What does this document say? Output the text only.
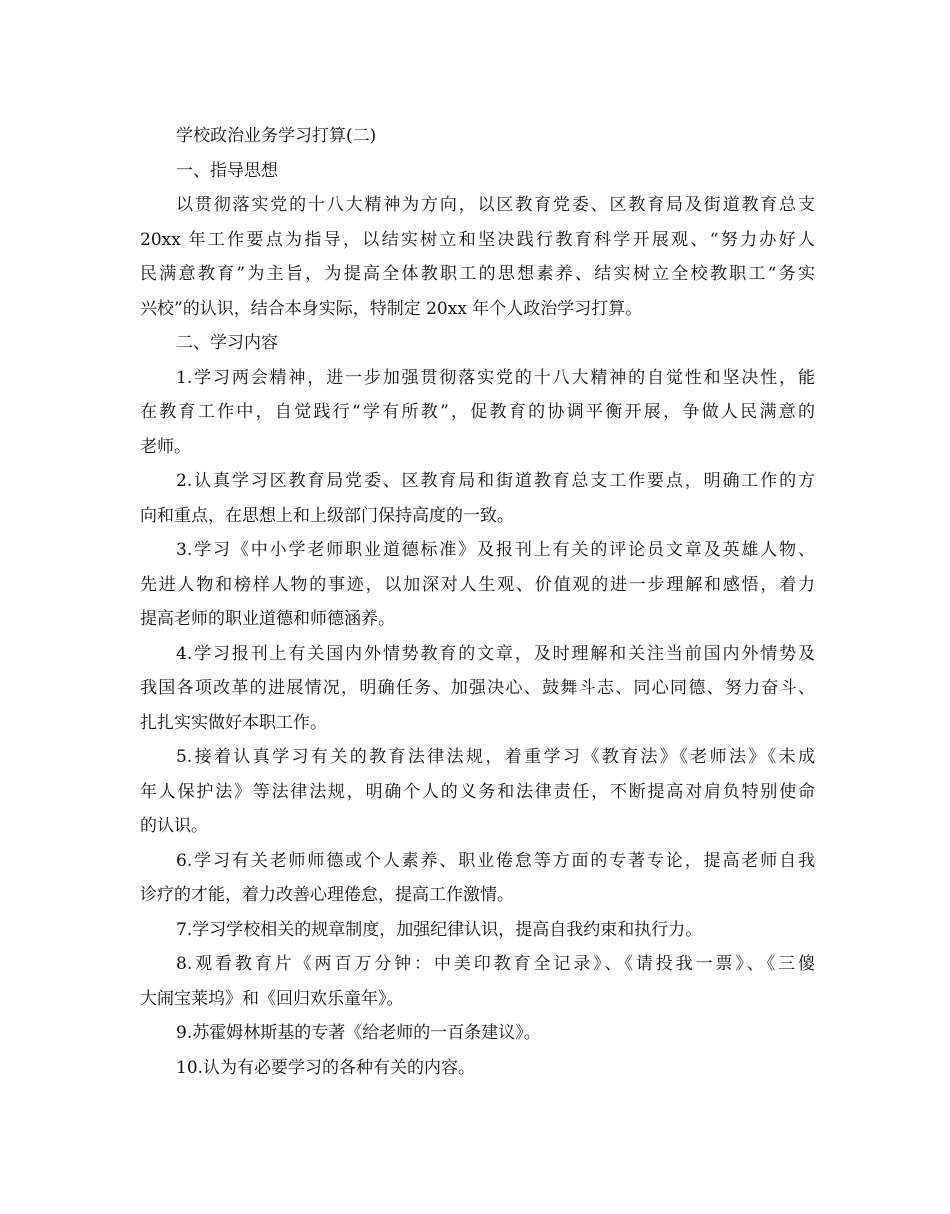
学校政治业务学习打算(二)
一、指导思想
以贯彻落实党的十八大精神为方向，以区教育党委、区教育局及街道教育总支
20xx 年工作要点为指导，以结实树立和坚决践行教育科学开展观、“努力办好人
民满意教育”为主旨，为提高全体教职工的思想素养、结实树立全校教职工“务实
兴校”的认识，结合本身实际，特制定 20xx 年个人政治学习打算。
二、学习内容
1.学习两会精神，进一步加强贯彻落实党的十八大精神的自觉性和坚决性，能
在教育工作中，自觉践行“学有所教”，促教育的协调平衡开展，争做人民满意的
老师。
2.认真学习区教育局党委、区教育局和街道教育总支工作要点，明确工作的方
向和重点，在思想上和上级部门保持高度的一致。
3.学习《中小学老师职业道德标准》及报刊上有关的评论员文章及英雄人物、
先进人物和榜样人物的事迹，以加深对人生观、价值观的进一步理解和感悟，着力
提高老师的职业道德和师德涵养。
4.学习报刊上有关国内外情势教育的文章，及时理解和关注当前国内外情势及
我国各项改革的进展情况，明确任务、加强决心、鼓舞斗志、同心同德、努力奋斗、
扎扎实实做好本职工作。
5.接着认真学习有关的教育法律法规，着重学习《教育法》《老师法》《未成
年人保护法》等法律法规，明确个人的义务和法律责任，不断提高对肩负特别使命
的认识。
6.学习有关老师师德或个人素养、职业倦怠等方面的专著专论，提高老师自我
诊疗的才能，着力改善心理倦怠，提高工作激情。
7.学习学校相关的规章制度，加强纪律认识，提高自我约束和执行力。
8.观看教育片《两百万分钟：中美印教育全记录》、《请投我一票》、《三傻
大闹宝莱坞》和《回归欢乐童年》。
9.苏霍姆林斯基的专著《给老师的一百条建议》。
10.认为有必要学习的各种有关的内容。
